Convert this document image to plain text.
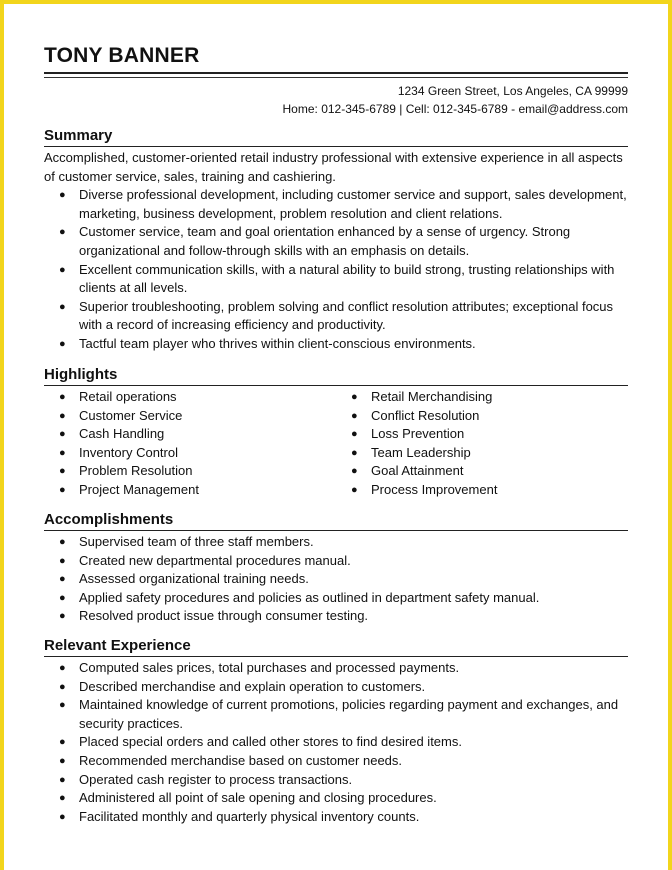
TONY BANNER
1234 Green Street, Los Angeles, CA 99999
Home: 012-345-6789 | Cell: 012-345-6789 - email@address.com
Summary

Accomplished, customer-oriented retail industry professional with extensive experience in all aspects of customer service, sales, training and cashiering.

● Diverse professional development, including customer service and support, sales development, marketing, business development, problem resolution and client relations.
● Customer service, team and goal orientation enhanced by a sense of urgency. Strong organizational and follow-through skills with an emphasis on details.
● Excellent communication skills, with a natural ability to build strong, trusting relationships with clients at all levels.
● Superior troubleshooting, problem solving and conflict resolution attributes; exceptional focus with a record of increasing efficiency and productivity.
● Tactful team player who thrives within client-conscious environments.
Highlights
● Retail operations
● Customer Service
● Cash Handling
● Inventory Control
● Problem Resolution
● Project Management
● Retail Merchandising
● Conflict Resolution
● Loss Prevention
● Team Leadership
● Goal Attainment
● Process Improvement
Accomplishments
● Supervised team of three staff members.
● Created new departmental procedures manual.
● Assessed organizational training needs.
● Applied safety procedures and policies as outlined in department safety manual.
● Resolved product issue through consumer testing.
Relevant Experience
● Computed sales prices, total purchases and processed payments.
● Described merchandise and explain operation to customers.
● Maintained knowledge of current promotions, policies regarding payment and exchanges, and security practices.
● Placed special orders and called other stores to find desired items.
● Recommended merchandise based on customer needs.
● Operated cash register to process transactions.
● Administered all point of sale opening and closing procedures.
● Facilitated monthly and quarterly physical inventory counts.
